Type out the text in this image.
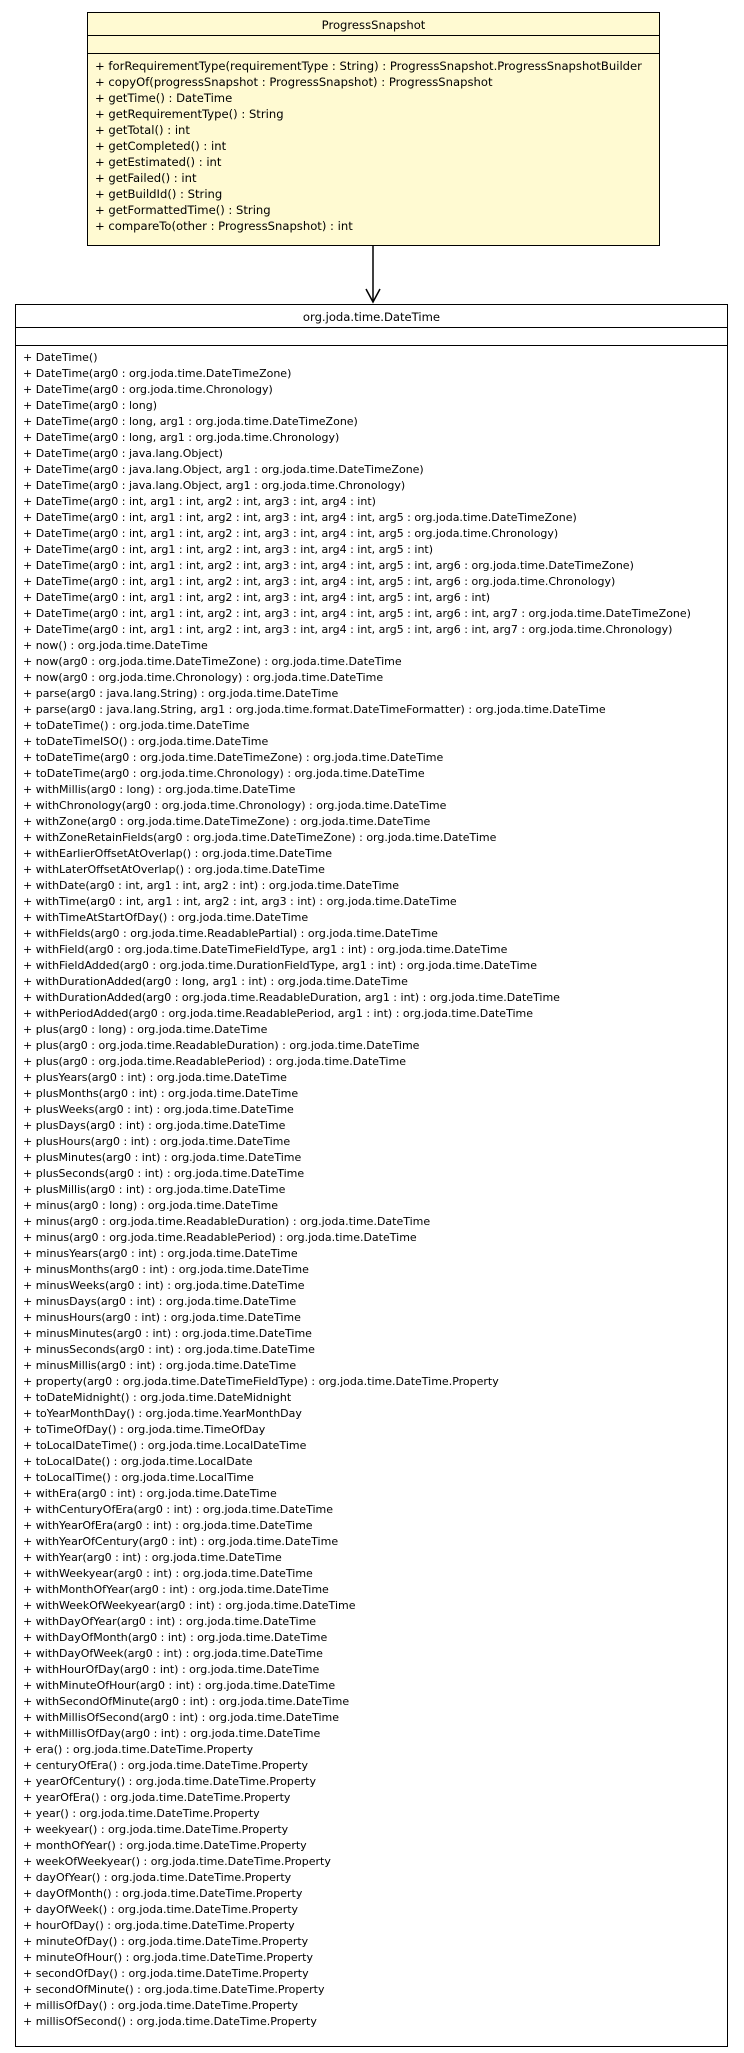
ProgressSnapshot
+ forRequirementType(requirementType : String) : ProgressSnapshot.ProgressSnapshotBuilder
+ copyOf(progressSnapshot : ProgressSnapshot) : ProgressSnapshot
+ getTime() : DateTime
+ getRequirementType() : String
+ getTotal() : int
+ getCompleted() : int
+ getEstimated() : int
+ getFailed() : int
+ getBuildId() : String
+ getFormattedTime() : String
+ compareTo(other : ProgressSnapshot) : int
org.joda.time.DateTime
+ DateTime()
+ DateTime(arg0 : org.joda.time.DateTimeZone)
+ DateTime(arg0 : org.joda.time.Chronology)
+ DateTime(arg0 : long)
+ DateTime(arg0 : long, arg1 : org.joda.time.DateTimeZone)
+ DateTime(arg0 : long, arg1 : org.joda.time.Chronology)
+ DateTime(arg0 : java.lang.Object)
+ DateTime(arg0 : java.lang.Object, arg1 : org.joda.time.DateTimeZone)
+ DateTime(arg0 : java.lang.Object, arg1 : org.joda.time.Chronology)
+ DateTime(arg0 : int, arg1 : int, arg2 : int, arg3 : int, arg4 : int)
+ DateTime(arg0 : int, arg1 : int, arg2 : int, arg3 : int, arg4 : int, arg5 : org.joda.time.DateTimeZone)
+ DateTime(arg0 : int, arg1 : int, arg2 : int, arg3 : int, arg4 : int, arg5 : org.joda.time.Chronology)
+ DateTime(arg0 : int, arg1 : int, arg2 : int, arg3 : int, arg4 : int, arg5 : int)
+ DateTime(arg0 : int, arg1 : int, arg2 : int, arg3 : int, arg4 : int, arg5 : int, arg6 : org.joda.time.DateTimeZone)
+ DateTime(arg0 : int, arg1 : int, arg2 : int, arg3 : int, arg4 : int, arg5 : int, arg6 : org.joda.time.Chronology)
+ DateTime(arg0 : int, arg1 : int, arg2 : int, arg3 : int, arg4 : int, arg5 : int, arg6 : int)
+ DateTime(arg0 : int, arg1 : int, arg2 : int, arg3 : int, arg4 : int, arg5 : int, arg6 : int, arg7 : org.joda.time.DateTimeZone)
+ DateTime(arg0 : int, arg1 : int, arg2 : int, arg3 : int, arg4 : int, arg5 : int, arg6 : int, arg7 : org.joda.time.Chronology)
+ now() : org.joda.time.DateTime
+ now(arg0 : org.joda.time.DateTimeZone) : org.joda.time.DateTime
+ now(arg0 : org.joda.time.Chronology) : org.joda.time.DateTime
+ parse(arg0 : java.lang.String) : org.joda.time.DateTime
+ parse(arg0 : java.lang.String, arg1 : org.joda.time.format.DateTimeFormatter) : org.joda.time.DateTime
+ toDateTime() : org.joda.time.DateTime
+ toDateTimeISO() : org.joda.time.DateTime
+ toDateTime(arg0 : org.joda.time.DateTimeZone) : org.joda.time.DateTime
+ toDateTime(arg0 : org.joda.time.Chronology) : org.joda.time.DateTime
+ withMillis(arg0 : long) : org.joda.time.DateTime
+ withChronology(arg0 : org.joda.time.Chronology) : org.joda.time.DateTime
+ withZone(arg0 : org.joda.time.DateTimeZone) : org.joda.time.DateTime
+ withZoneRetainFields(arg0 : org.joda.time.DateTimeZone) : org.joda.time.DateTime
+ withEarlierOffsetAtOverlap() : org.joda.time.DateTime
+ withLaterOffsetAtOverlap() : org.joda.time.DateTime
+ withDate(arg0 : int, arg1 : int, arg2 : int) : org.joda.time.DateTime
+ withTime(arg0 : int, arg1 : int, arg2 : int, arg3 : int) : org.joda.time.DateTime
+ withTimeAtStartOfDay() : org.joda.time.DateTime
+ withFields(arg0 : org.joda.time.ReadablePartial) : org.joda.time.DateTime
+ withField(arg0 : org.joda.time.DateTimeFieldType, arg1 : int) : org.joda.time.DateTime
+ withFieldAdded(arg0 : org.joda.time.DurationFieldType, arg1 : int) : org.joda.time.DateTime
+ withDurationAdded(arg0 : long, arg1 : int) : org.joda.time.DateTime
+ withDurationAdded(arg0 : org.joda.time.ReadableDuration, arg1 : int) : org.joda.time.DateTime
+ withPeriodAdded(arg0 : org.joda.time.ReadablePeriod, arg1 : int) : org.joda.time.DateTime
+ plus(arg0 : long) : org.joda.time.DateTime
+ plus(arg0 : org.joda.time.ReadableDuration) : org.joda.time.DateTime
+ plus(arg0 : org.joda.time.ReadablePeriod) : org.joda.time.DateTime
+ plusYears(arg0 : int) : org.joda.time.DateTime
+ plusMonths(arg0 : int) : org.joda.time.DateTime
+ plusWeeks(arg0 : int) : org.joda.time.DateTime
+ plusDays(arg0 : int) : org.joda.time.DateTime
+ plusHours(arg0 : int) : org.joda.time.DateTime
+ plusMinutes(arg0 : int) : org.joda.time.DateTime
+ plusSeconds(arg0 : int) : org.joda.time.DateTime
+ plusMillis(arg0 : int) : org.joda.time.DateTime
+ minus(arg0 : long) : org.joda.time.DateTime
+ minus(arg0 : org.joda.time.ReadableDuration) : org.joda.time.DateTime
+ minus(arg0 : org.joda.time.ReadablePeriod) : org.joda.time.DateTime
+ minusYears(arg0 : int) : org.joda.time.DateTime
+ minusMonths(arg0 : int) : org.joda.time.DateTime
+ minusWeeks(arg0 : int) : org.joda.time.DateTime
+ minusDays(arg0 : int) : org.joda.time.DateTime
+ minusHours(arg0 : int) : org.joda.time.DateTime
+ minusMinutes(arg0 : int) : org.joda.time.DateTime
+ minusSeconds(arg0 : int) : org.joda.time.DateTime
+ minusMillis(arg0 : int) : org.joda.time.DateTime
+ property(arg0 : org.joda.time.DateTimeFieldType) : org.joda.time.DateTime.Property
+ toDateMidnight() : org.joda.time.DateMidnight
+ toYearMonthDay() : org.joda.time.YearMonthDay
+ toTimeOfDay() : org.joda.time.TimeOfDay
+ toLocalDateTime() : org.joda.time.LocalDateTime
+ toLocalDate() : org.joda.time.LocalDate
+ toLocalTime() : org.joda.time.LocalTime
+ withEra(arg0 : int) : org.joda.time.DateTime
+ withCenturyOfEra(arg0 : int) : org.joda.time.DateTime
+ withYearOfEra(arg0 : int) : org.joda.time.DateTime
+ withYearOfCentury(arg0 : int) : org.joda.time.DateTime
+ withYear(arg0 : int) : org.joda.time.DateTime
+ withWeekyear(arg0 : int) : org.joda.time.DateTime
+ withMonthOfYear(arg0 : int) : org.joda.time.DateTime
+ withWeekOfWeekyear(arg0 : int) : org.joda.time.DateTime
+ withDayOfYear(arg0 : int) : org.joda.time.DateTime
+ withDayOfMonth(arg0 : int) : org.joda.time.DateTime
+ withDayOfWeek(arg0 : int) : org.joda.time.DateTime
+ withHourOfDay(arg0 : int) : org.joda.time.DateTime
+ withMinuteOfHour(arg0 : int) : org.joda.time.DateTime
+ withSecondOfMinute(arg0 : int) : org.joda.time.DateTime
+ withMillisOfSecond(arg0 : int) : org.joda.time.DateTime
+ withMillisOfDay(arg0 : int) : org.joda.time.DateTime
+ era() : org.joda.time.DateTime.Property
+ centuryOfEra() : org.joda.time.DateTime.Property
+ yearOfCentury() : org.joda.time.DateTime.Property
+ yearOfEra() : org.joda.time.DateTime.Property
+ year() : org.joda.time.DateTime.Property
+ weekyear() : org.joda.time.DateTime.Property
+ monthOfYear() : org.joda.time.DateTime.Property
+ weekOfWeekyear() : org.joda.time.DateTime.Property
+ dayOfYear() : org.joda.time.DateTime.Property
+ dayOfMonth() : org.joda.time.DateTime.Property
+ dayOfWeek() : org.joda.time.DateTime.Property
+ hourOfDay() : org.joda.time.DateTime.Property
+ minuteOfDay() : org.joda.time.DateTime.Property
+ minuteOfHour() : org.joda.time.DateTime.Property
+ secondOfDay() : org.joda.time.DateTime.Property
+ secondOfMinute() : org.joda.time.DateTime.Property
+ millisOfDay() : org.joda.time.DateTime.Property
+ millisOfSecond() : org.joda.time.DateTime.Property
